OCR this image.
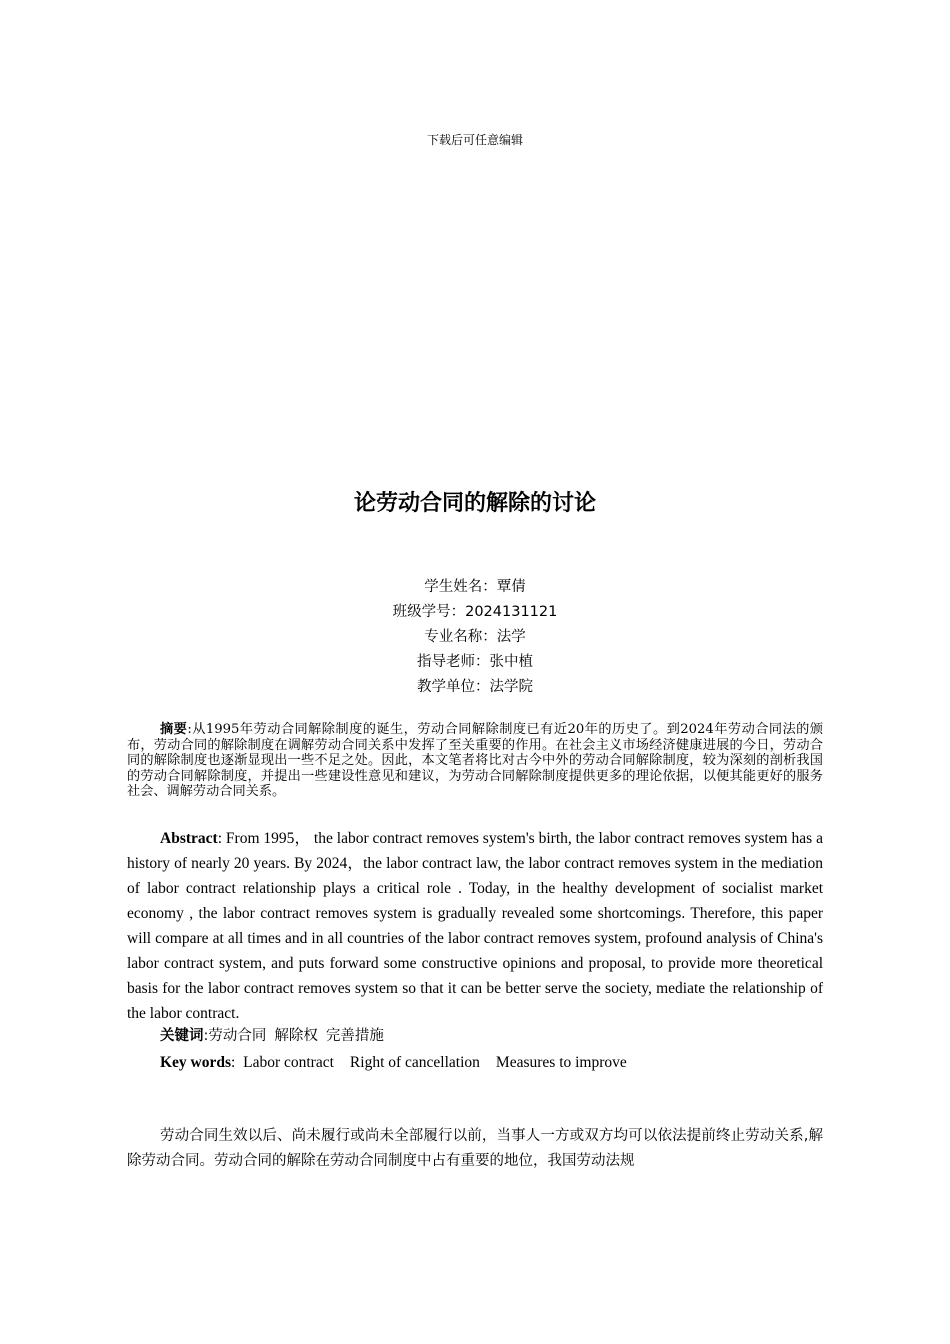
下载后可任意编辑
论劳动合同的解除的讨论
学生姓名：覃倩
班级学号：2024131121
专业名称：法学
指导老师：张中植
教学单位：法学院
摘要:从1995年劳动合同解除制度的诞生，劳动合同解除制度已有近20年的历史了。到2024年劳动合同法的颁布，劳动合同的解除制度在调解劳动合同关系中发挥了至关重要的作用。在社会主义市场经济健康进展的今日，劳动合同的解除制度也逐渐显现出一些不足之处。因此，本文笔者将比对古今中外的劳动合同解除制度，较为深刻的剖析我国的劳动合同解除制度，并提出一些建设性意见和建议，为劳动合同解除制度提供更多的理论依据，以便其能更好的服务社会、调解劳动合同关系。
Abstract: From 1995， the labor contract removes system's birth, the labor contract removes system has a history of nearly 20 years. By 2024，the labor contract law, the labor contract removes system in the mediation of labor contract relationship plays a critical role . Today, in the healthy development of socialist market economy , the labor contract removes system is gradually revealed some shortcomings. Therefore, this paper will compare at all times and in all countries of the labor contract removes system, profound analysis of China's labor contract system, and puts forward some constructive opinions and proposal, to provide more theoretical basis for the labor contract removes system so that it can be better serve the society, mediate the relationship of the labor contract.
关键词:劳动合同 解除权 完善措施
Key words:  Labor contract Right of cancellation Measures to improve
劳动合同生效以后、尚未履行或尚未全部履行以前，当事人一方或双方均可以依法提前终止劳动关系,解除劳动合同。劳动合同的解除在劳动合同制度中占有重要的地位，我国劳动法规
